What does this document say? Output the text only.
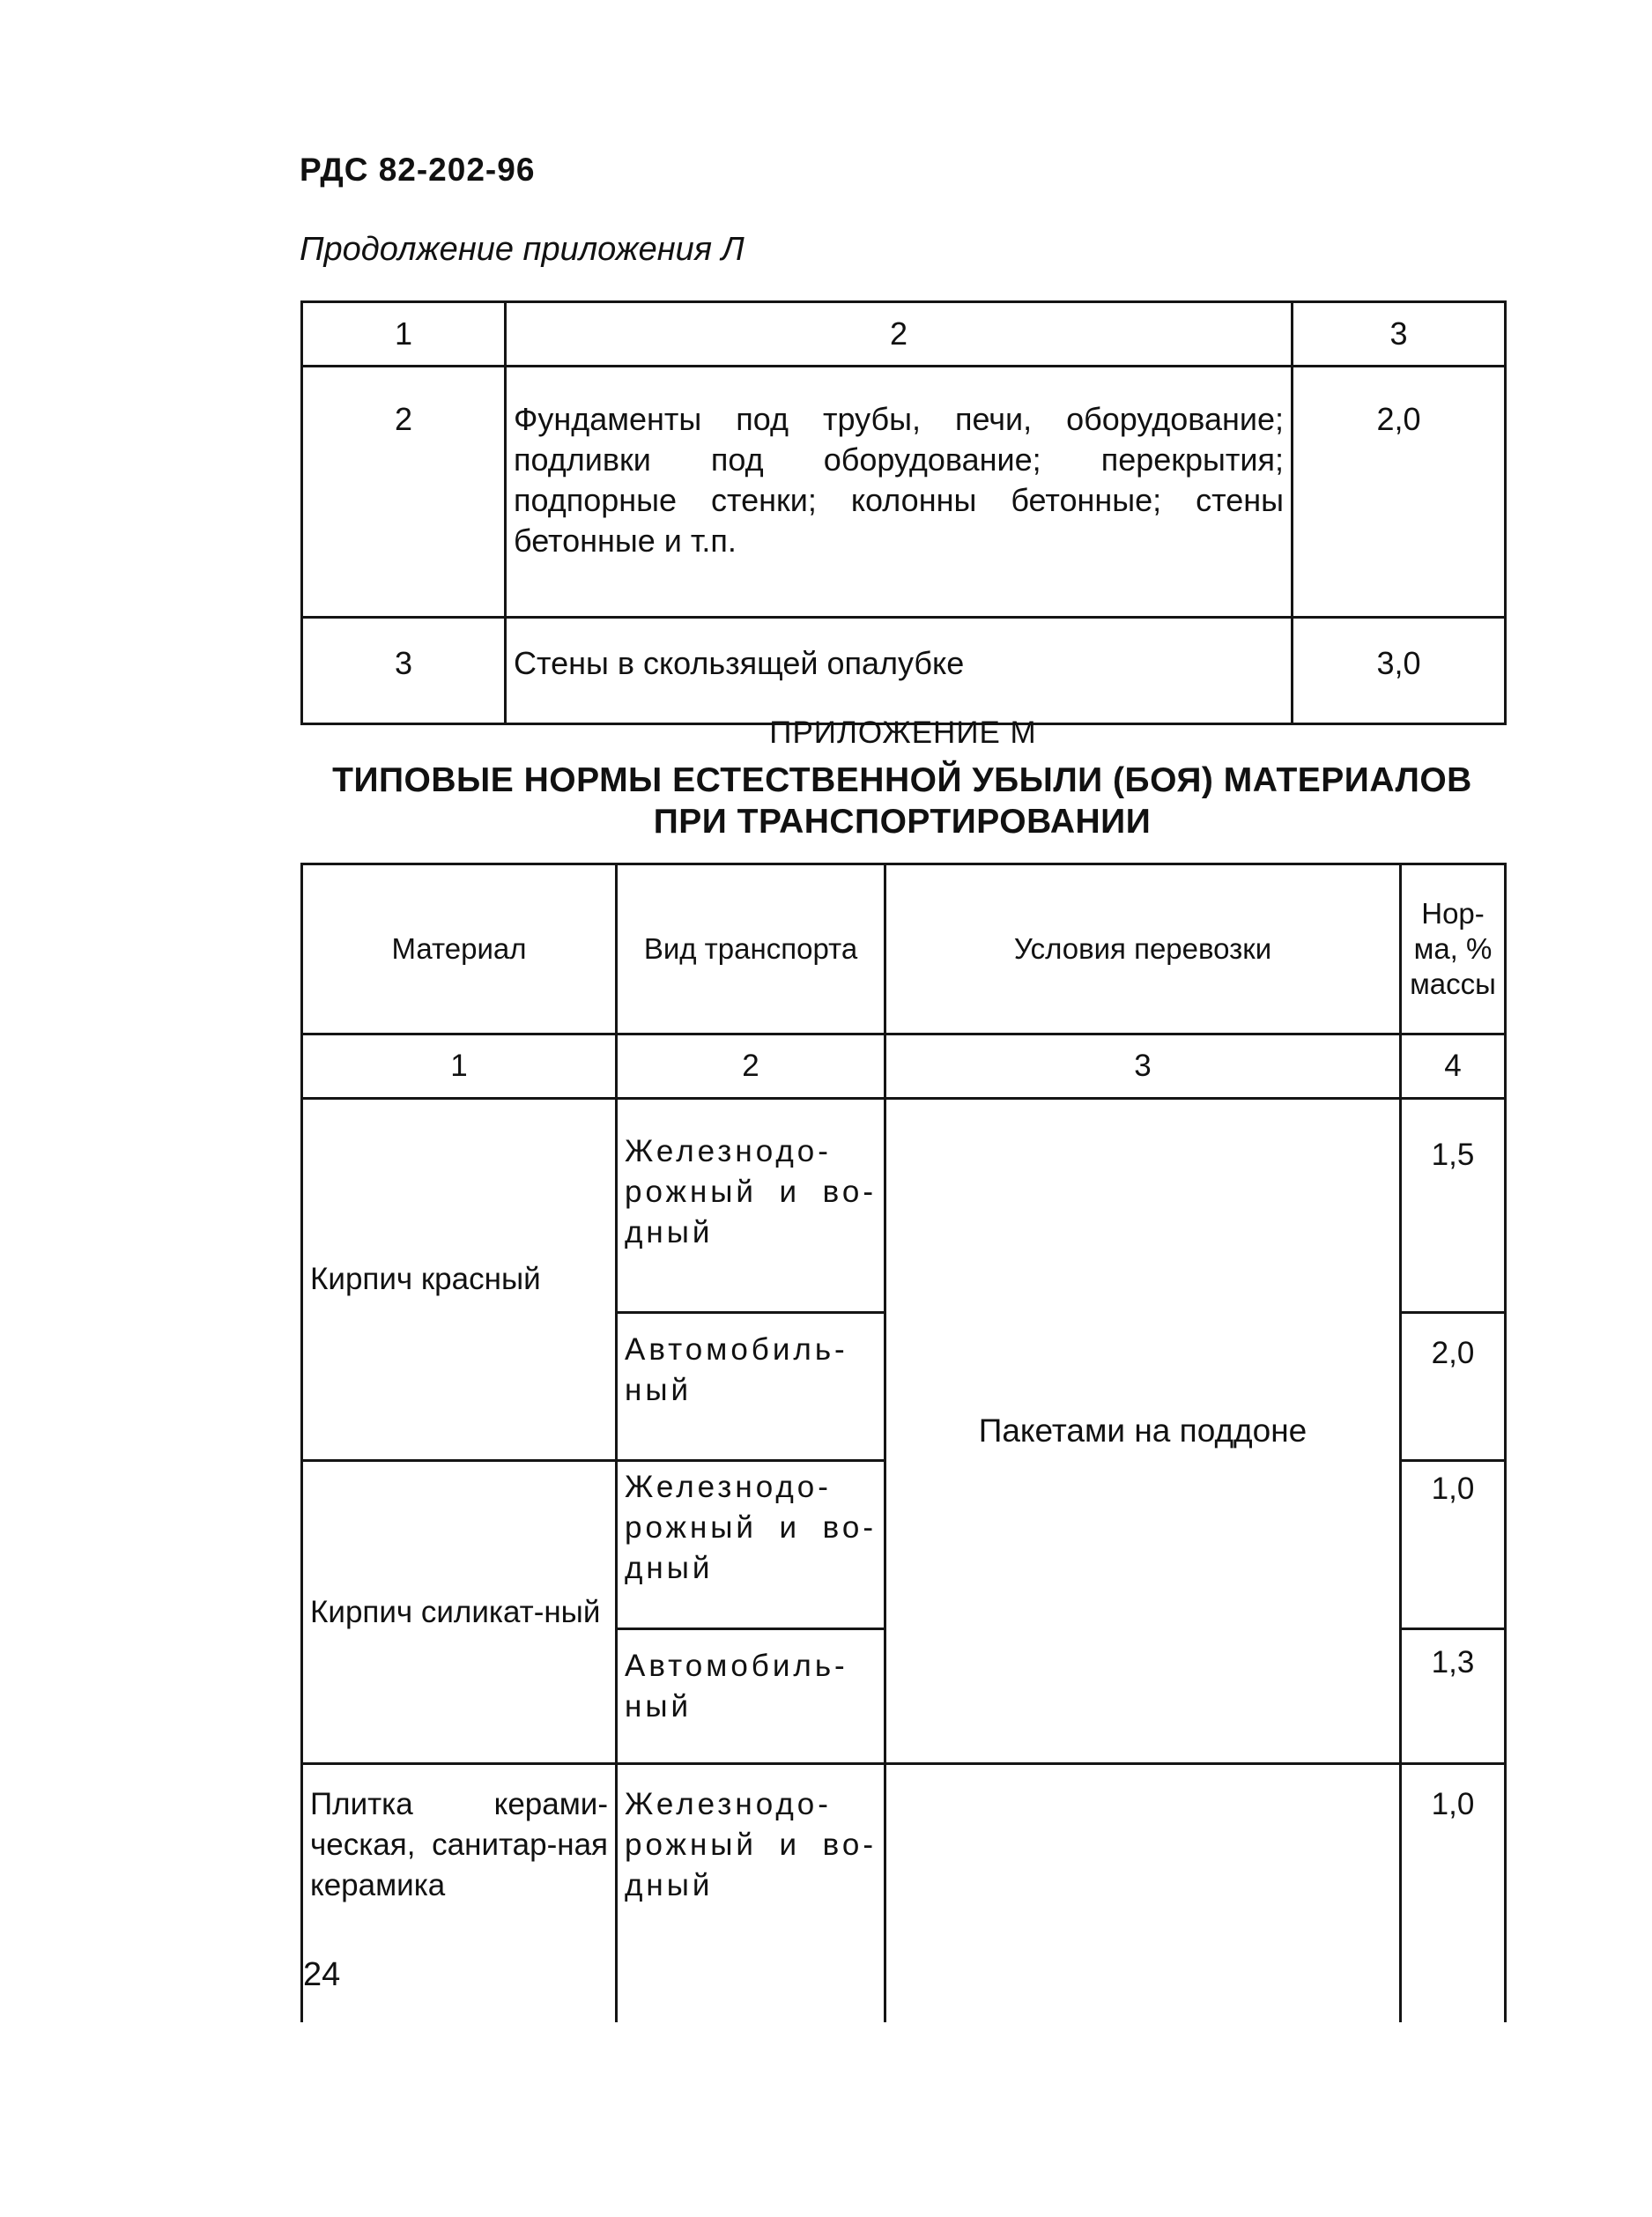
РДС 82-202-96
Продолжение приложения Л
1	2	3
2	Фундаменты под трубы, печи, оборудование; подливки под оборудование; перекрытия; подпорные стенки; колонны бетонные; стены бетонные и т.п.	2,0
3	Стены в скользящей опалубке	3,0
ПРИЛОЖЕНИЕ М
ТИПОВЫЕ НОРМЫ ЕСТЕСТВЕННОЙ УБЫЛИ (БОЯ) МАТЕРИАЛОВ
ПРИ ТРАНСПОРТИРОВАНИИ
Материал	Вид транспорта	Условия перевозки	Нор-ма, % массы
1	2	3	4
Кирпич красный	Железнодо-рожный и во-дный	Пакетами на поддоне	1,5
	Автомобиль-ный		2,0
Кирпич силикат-ный	Железнодо-рожный и во-дный		1,0
	Автомобиль-ный		1,3
Плитка керами-ческая, санитар-ная керамика	Железнодо-рожный и во-дный		1,0
24
